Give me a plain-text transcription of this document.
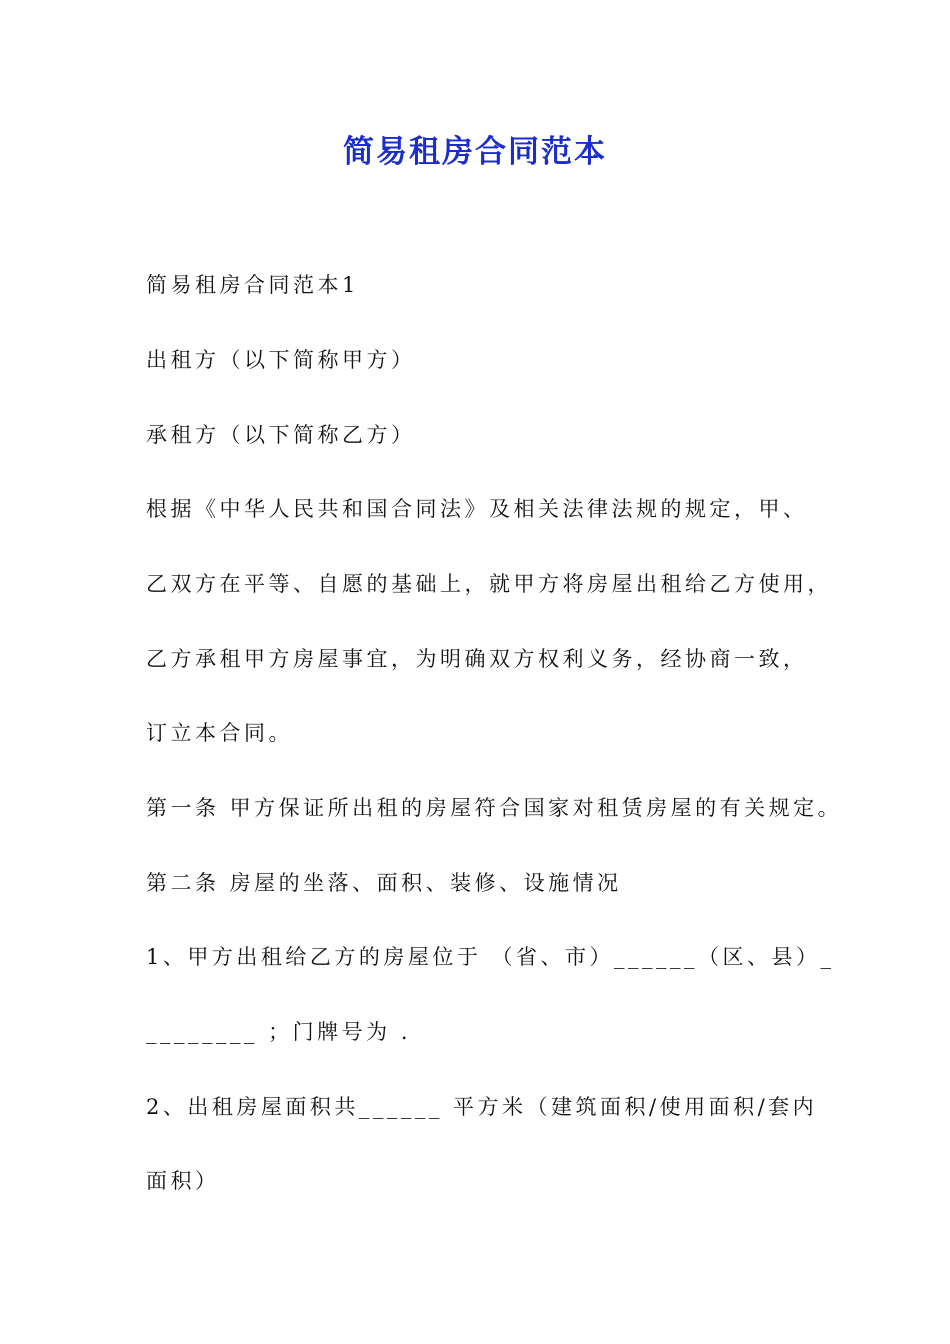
简易租房合同范本
简易租房合同范本1
出租方（以下简称甲方）
承租方（以下简称乙方）
根据《中华人民共和国合同法》及相关法律法规的规定，甲、
乙双方在平等、自愿的基础上，就甲方将房屋出租给乙方使用，
乙方承租甲方房屋事宜，为明确双方权利义务，经协商一致，
订立本合同。
第一条 甲方保证所出租的房屋符合国家对租赁房屋的有关规定。
第二条 房屋的坐落、面积、装修、设施情况
1、甲方出租给乙方的房屋位于 （省、市）______（区、县）_
________ ；门牌号为 .
2、出租房屋面积共______ 平方米（建筑面积/使用面积/套内
面积）
